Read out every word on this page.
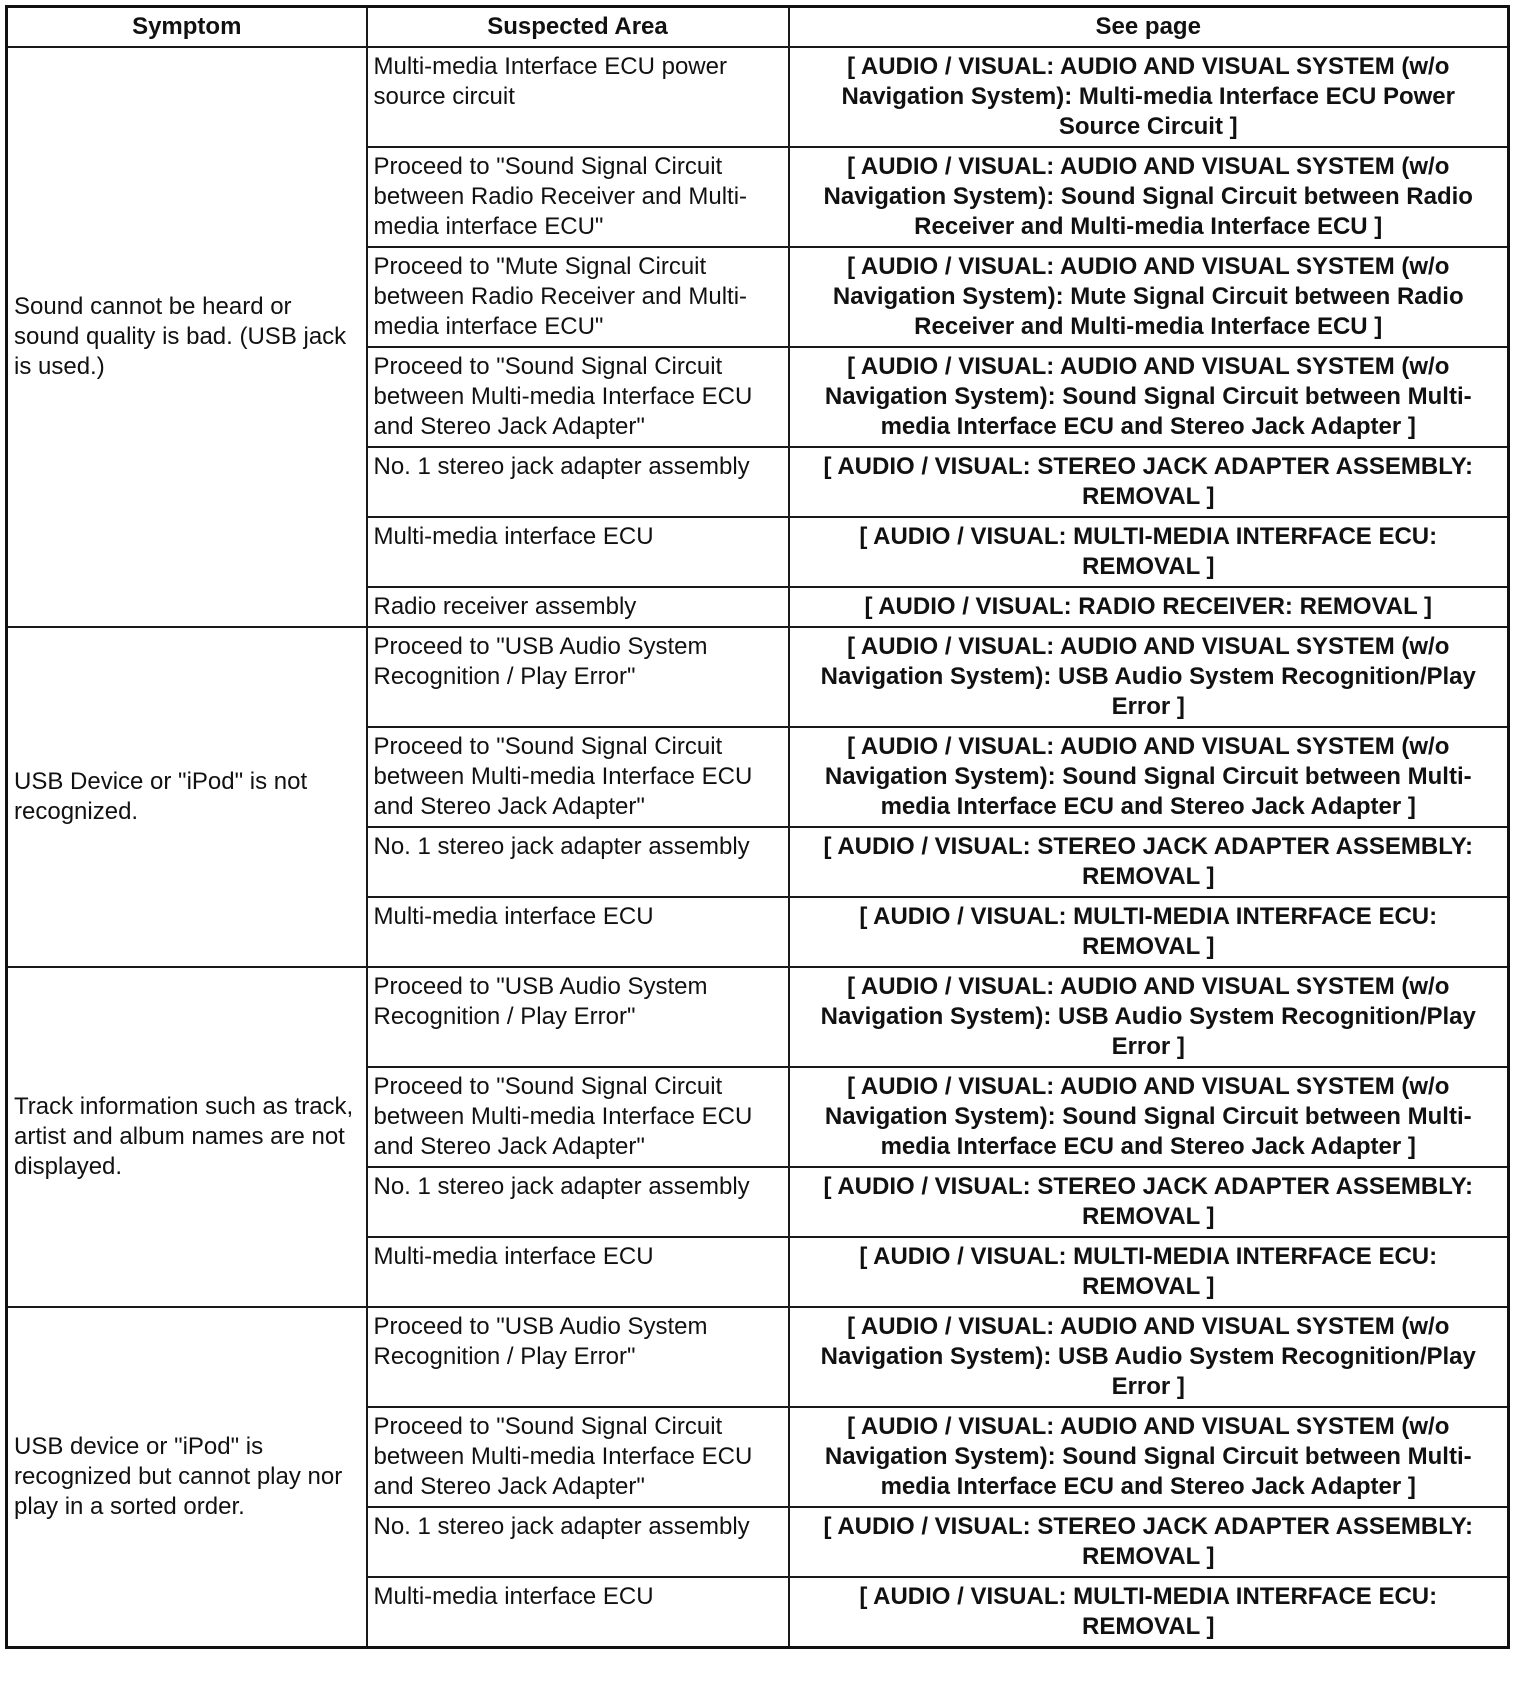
Symptom	Suspected Area	See page
Sound cannot be heard or sound quality is bad. (USB jack is used.)	Multi-media Interface ECU power source circuit	[ AUDIO / VISUAL: AUDIO AND VISUAL SYSTEM (w/o Navigation System): Multi-media Interface ECU Power Source Circuit ]
	Proceed to "Sound Signal Circuit between Radio Receiver and Multi-media interface ECU"	[ AUDIO / VISUAL: AUDIO AND VISUAL SYSTEM (w/o Navigation System): Sound Signal Circuit between Radio Receiver and Multi-media Interface ECU ]
	Proceed to "Mute Signal Circuit between Radio Receiver and Multi-media interface ECU"	[ AUDIO / VISUAL: AUDIO AND VISUAL SYSTEM (w/o Navigation System): Mute Signal Circuit between Radio Receiver and Multi-media Interface ECU ]
	Proceed to "Sound Signal Circuit between Multi-media Interface ECU and Stereo Jack Adapter"	[ AUDIO / VISUAL: AUDIO AND VISUAL SYSTEM (w/o Navigation System): Sound Signal Circuit between Multi-media Interface ECU and Stereo Jack Adapter ]
	No. 1 stereo jack adapter assembly	[ AUDIO / VISUAL: STEREO JACK ADAPTER ASSEMBLY: REMOVAL ]
	Multi-media interface ECU	[ AUDIO / VISUAL: MULTI-MEDIA INTERFACE ECU: REMOVAL ]
	Radio receiver assembly	[ AUDIO / VISUAL: RADIO RECEIVER: REMOVAL ]
USB Device or "iPod" is not recognized.	Proceed to "USB Audio System Recognition / Play Error"	[ AUDIO / VISUAL: AUDIO AND VISUAL SYSTEM (w/o Navigation System): USB Audio System Recognition/Play Error ]
	Proceed to "Sound Signal Circuit between Multi-media Interface ECU and Stereo Jack Adapter"	[ AUDIO / VISUAL: AUDIO AND VISUAL SYSTEM (w/o Navigation System): Sound Signal Circuit between Multi-media Interface ECU and Stereo Jack Adapter ]
	No. 1 stereo jack adapter assembly	[ AUDIO / VISUAL: STEREO JACK ADAPTER ASSEMBLY: REMOVAL ]
	Multi-media interface ECU	[ AUDIO / VISUAL: MULTI-MEDIA INTERFACE ECU: REMOVAL ]
Track information such as track, artist and album names are not displayed.	Proceed to "USB Audio System Recognition / Play Error"	[ AUDIO / VISUAL: AUDIO AND VISUAL SYSTEM (w/o Navigation System): USB Audio System Recognition/Play Error ]
	Proceed to "Sound Signal Circuit between Multi-media Interface ECU and Stereo Jack Adapter"	[ AUDIO / VISUAL: AUDIO AND VISUAL SYSTEM (w/o Navigation System): Sound Signal Circuit between Multi-media Interface ECU and Stereo Jack Adapter ]
	No. 1 stereo jack adapter assembly	[ AUDIO / VISUAL: STEREO JACK ADAPTER ASSEMBLY: REMOVAL ]
	Multi-media interface ECU	[ AUDIO / VISUAL: MULTI-MEDIA INTERFACE ECU: REMOVAL ]
USB device or "iPod" is recognized but cannot play nor play in a sorted order.	Proceed to "USB Audio System Recognition / Play Error"	[ AUDIO / VISUAL: AUDIO AND VISUAL SYSTEM (w/o Navigation System): USB Audio System Recognition/Play Error ]
	Proceed to "Sound Signal Circuit between Multi-media Interface ECU and Stereo Jack Adapter"	[ AUDIO / VISUAL: AUDIO AND VISUAL SYSTEM (w/o Navigation System): Sound Signal Circuit between Multi-media Interface ECU and Stereo Jack Adapter ]
	No. 1 stereo jack adapter assembly	[ AUDIO / VISUAL: STEREO JACK ADAPTER ASSEMBLY: REMOVAL ]
	Multi-media interface ECU	[ AUDIO / VISUAL: MULTI-MEDIA INTERFACE ECU: REMOVAL ]
